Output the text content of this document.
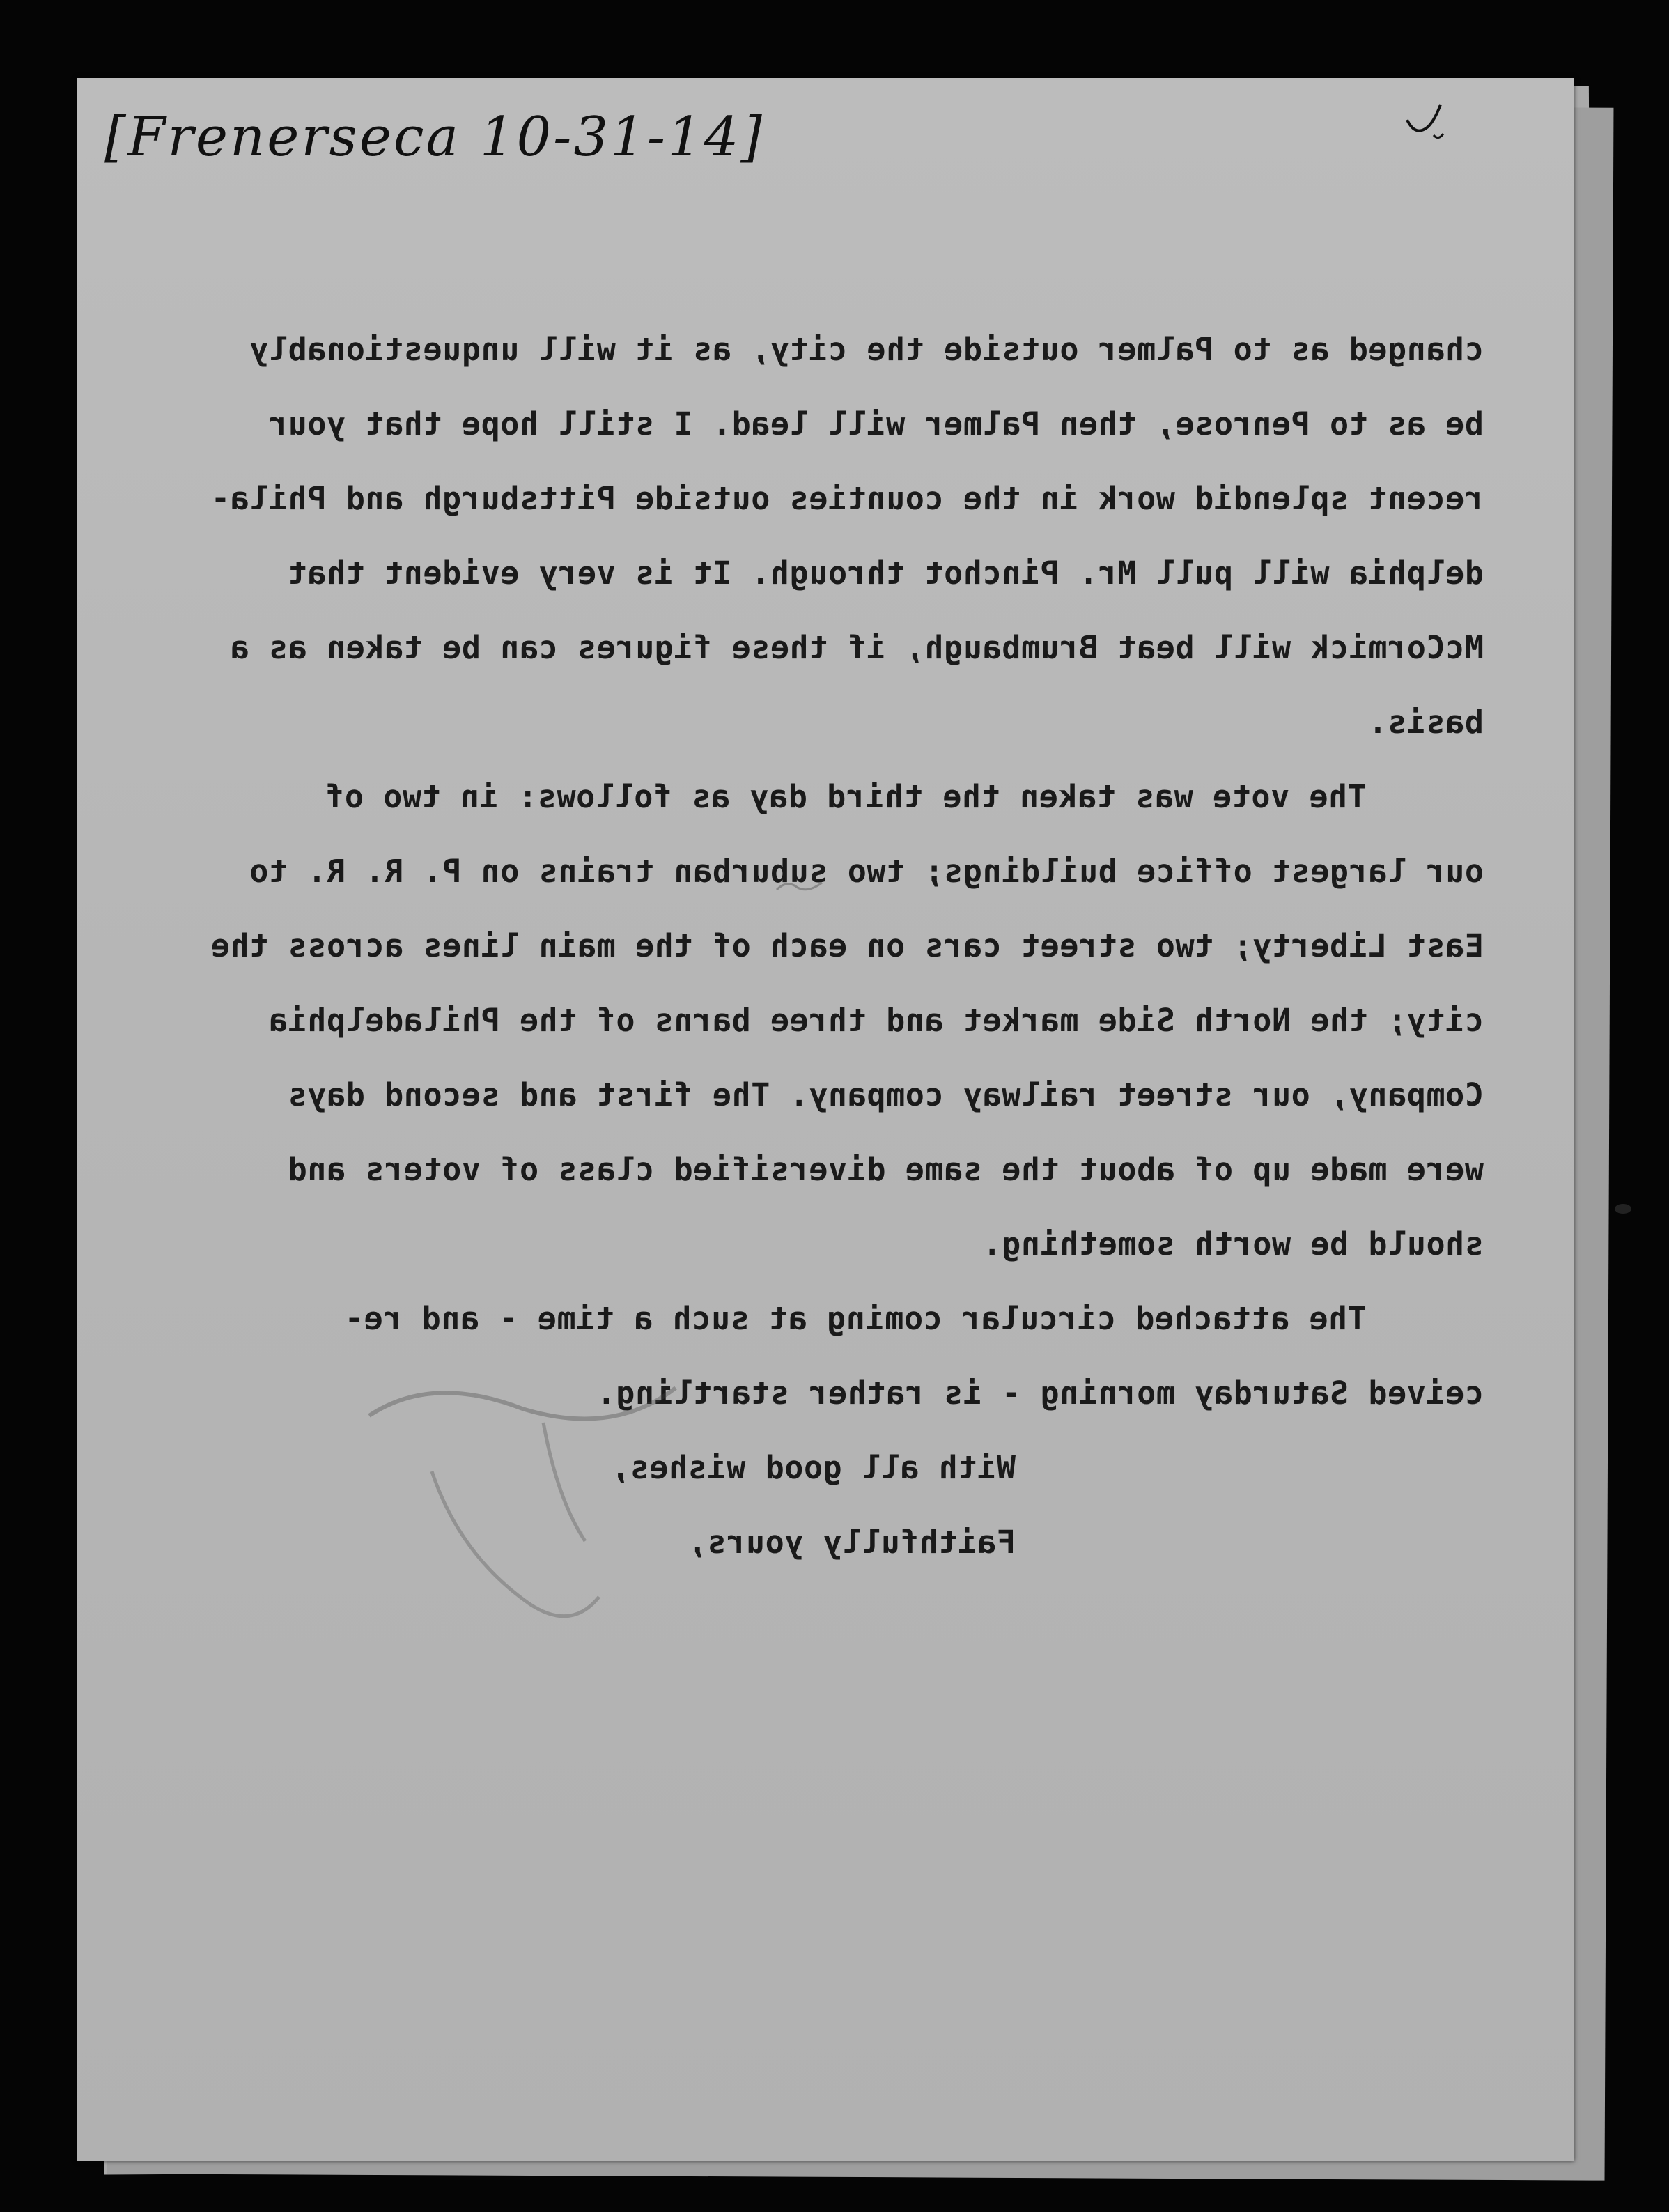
[Frenerseca 10-31-14]
changed as to Palmer outside the city, as it will unquestionably
be as to Penrose, then Palmer will lead. I still hope that your
recent splendid work in the counties outside Pittsburgh and Phila-
delphia will pull Mr. Pinchot through. It is very evident that
McCormick will beat Brumbaugh, if these figures can be taken as a
basis.
The vote was taken the third day as follows: in two of
our largest office buildings; two suburban trains on P. R. R. to
East Liberty; two street cars on each of the main lines across the
city; the North Side market and three barns of the Philadelphia
Company, our street railway company. The first and second days
were made up of about the same diversified class of voters and
should be worth something.
The attached circular coming at such a time - and re-
ceived Saturday morning - is rather startling.
With all good wishes,
Faithfully yours,
